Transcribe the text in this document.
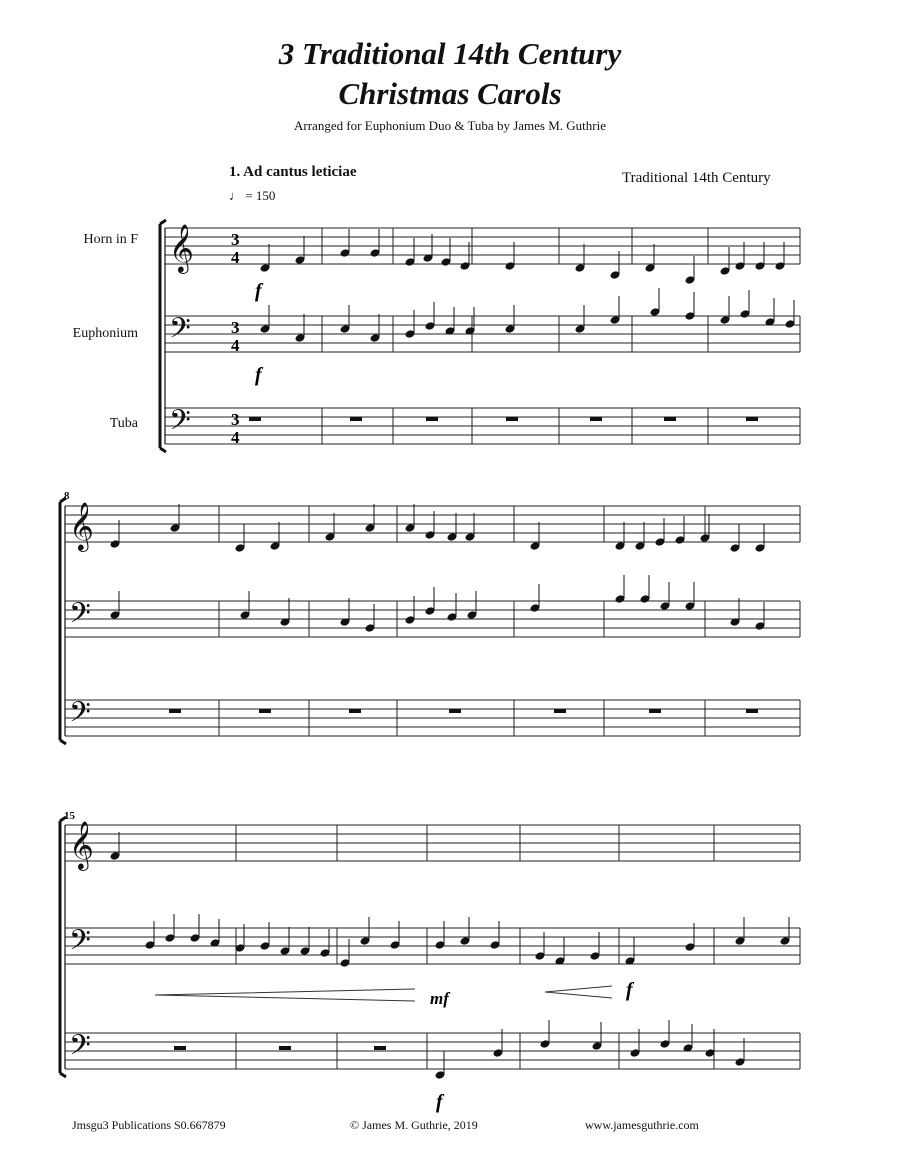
3 Traditional 14th Century
Christmas Carols
Arranged for Euphonium Duo & Tuba by James M. Guthrie
1. Ad cantus leticiae
♩ = 150
Traditional 14th Century
Horn in F
Euphonium
Tuba
8
15
𝄞 3
4
𝄢 3
4
𝄢 3
4
𝄞
𝄢
𝄢
𝄞
𝄢
𝄢
f
f
mf	f
f
Jmsgu3 Publications S0.667879	© James M. Guthrie, 2019	www.jamesguthrie.com
